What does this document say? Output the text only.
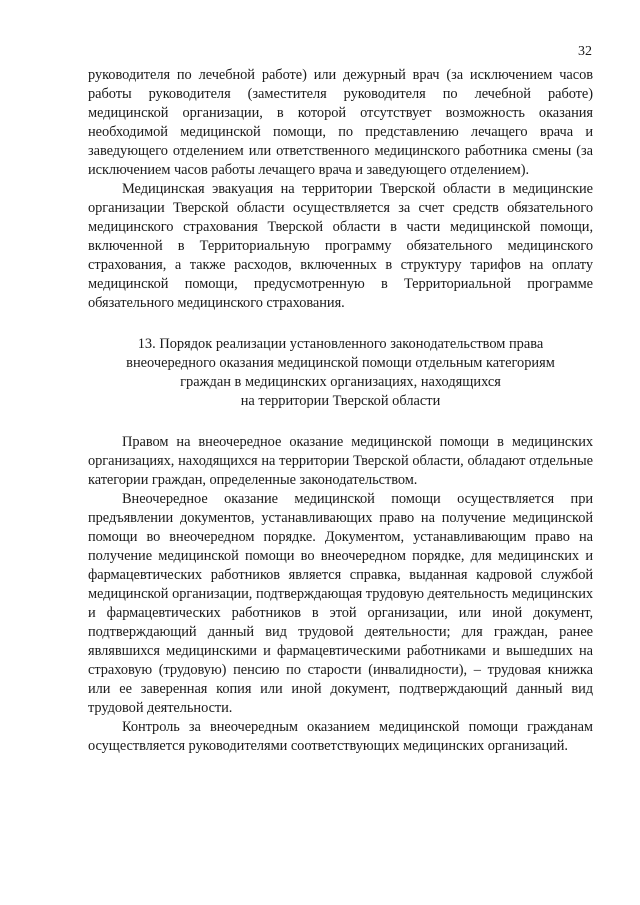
32

руководителя по лечебной работе) или дежурный врач (за исключением часов работы руководителя (заместителя руководителя по лечебной работе) медицинской организации, в которой отсутствует возможность оказания необходимой медицинской помощи, по представлению лечащего врача и заведующего отделением или ответственного медицинского работника смены (за исключением часов работы лечащего врача и заведующего отделением).

Медицинская эвакуация на территории Тверской области в медицинские организации Тверской области осуществляется за счет средств обязательного медицинского страхования Тверской области в части медицинской помощи, включенной в Территориальную программу обязательного медицинского страхования, а также расходов, включенных в структуру тарифов на оплату медицинской помощи, предусмотренную в Территориальной программе обязательного медицинского страхования.

13. Порядок реализации установленного законодательством права
внеочередного оказания медицинской помощи отдельным категориям
граждан в медицинских организациях, находящихся
на территории Тверской области

Правом на внеочередное оказание медицинской помощи в медицинских организациях, находящихся на территории Тверской области, обладают отдельные категории граждан, определенные законодательством.

Внеочередное оказание медицинской помощи осуществляется при предъявлении документов, устанавливающих право на получение медицинской помощи во внеочередном порядке. Документом, устанавливающим право на получение медицинской помощи во внеочередном порядке, для медицинских и фармацевтических работников является справка, выданная кадровой службой медицинской организации, подтверждающая трудовую деятельность медицинских и фармацевтических работников в этой организации, или иной документ, подтверждающий данный вид трудовой деятельности; для граждан, ранее являвшихся медицинскими и фармацевтическими работниками и вышедших на страховую (трудовую) пенсию по старости (инвалидности), – трудовая книжка или ее заверенная копия или иной документ, подтверждающий данный вид трудовой деятельности.

Контроль за внеочередным оказанием медицинской помощи гражданам осуществляется руководителями соответствующих медицинских организаций.
